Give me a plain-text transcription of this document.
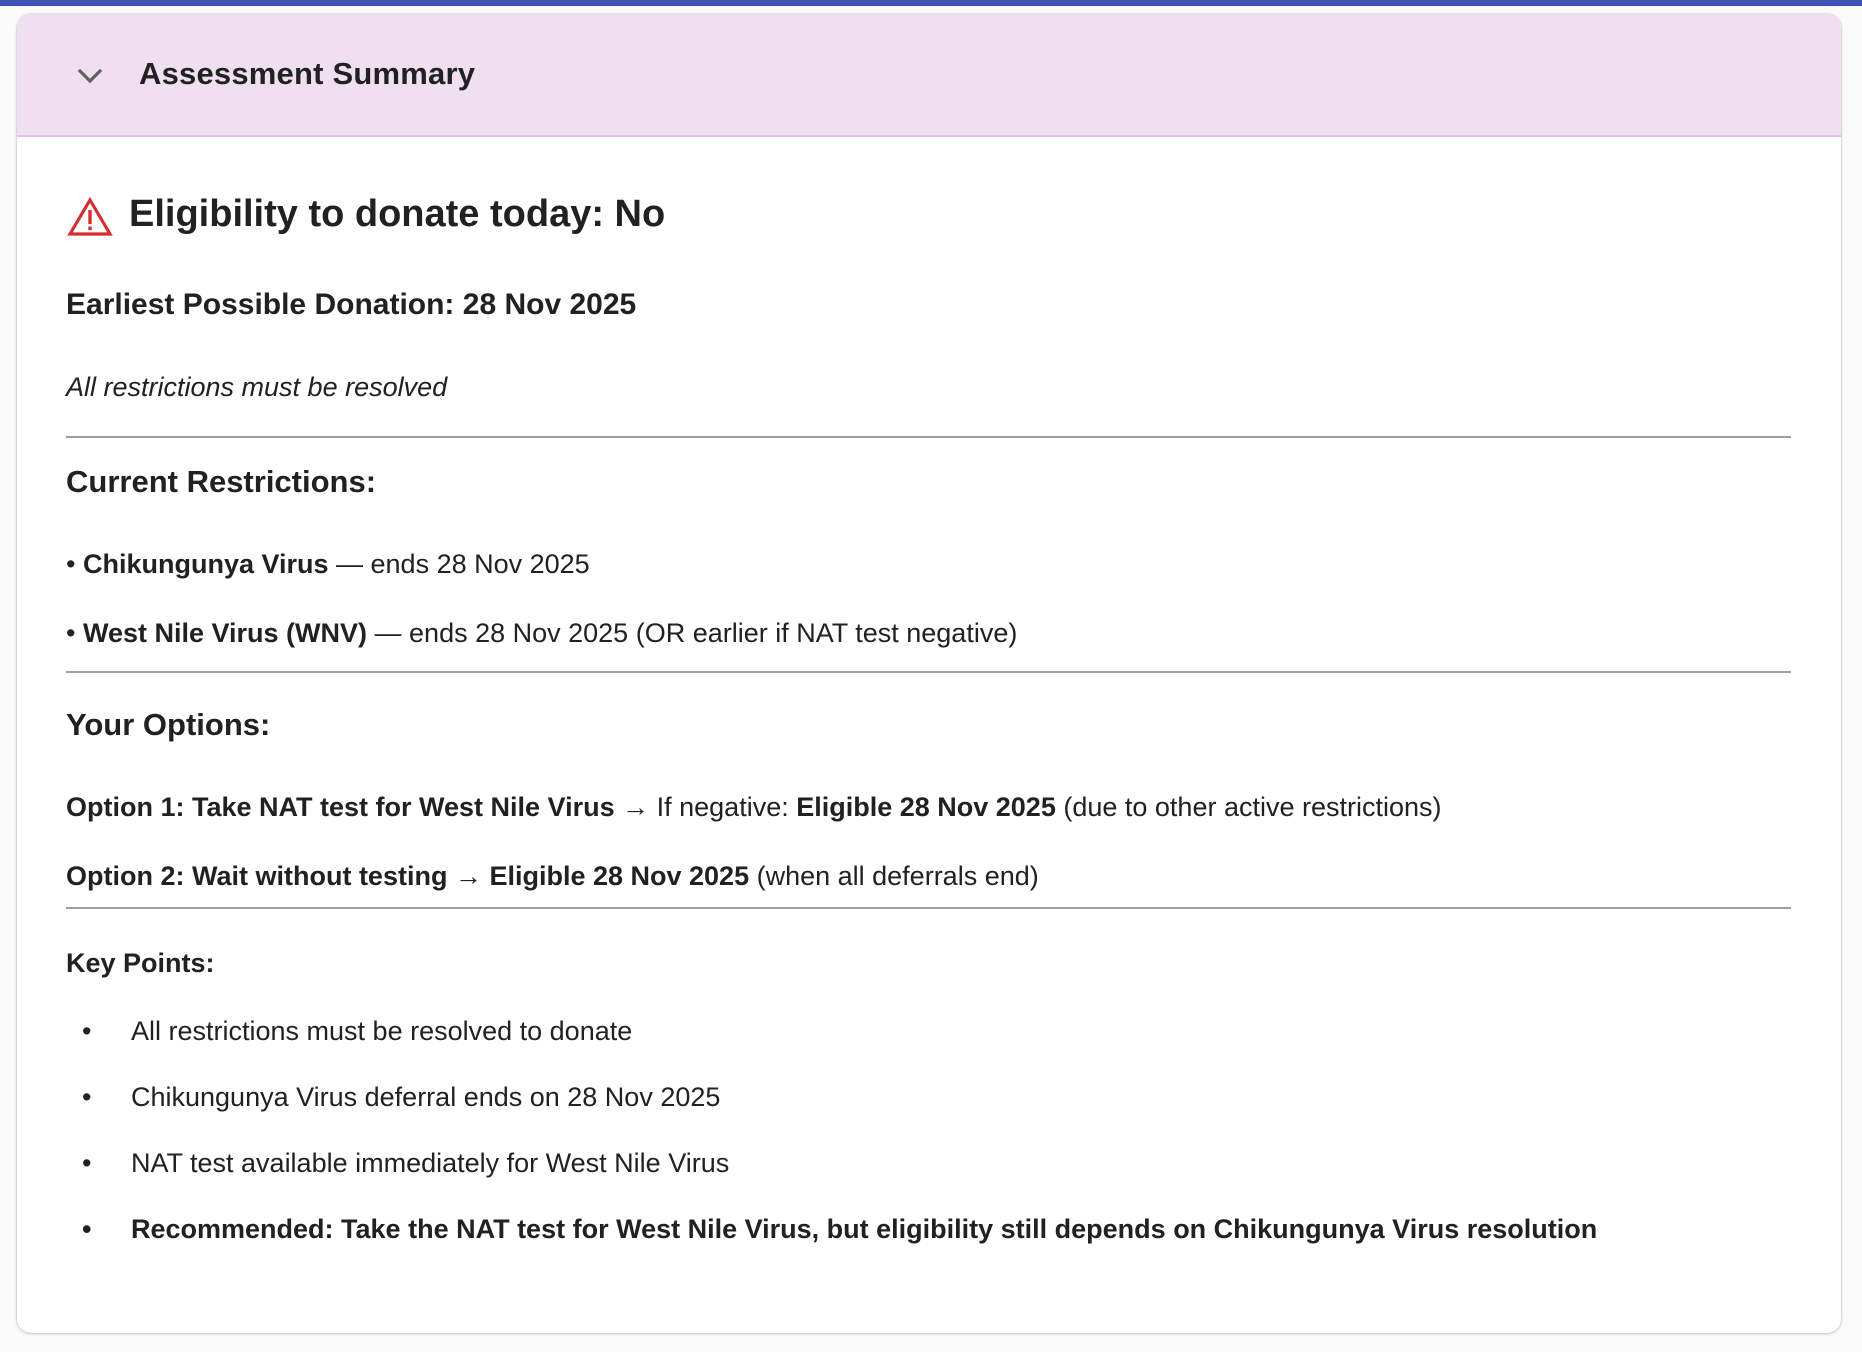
Assessment Summary
Eligibility to donate today: No
Earliest Possible Donation: 28 Nov 2025
All restrictions must be resolved
Current Restrictions:
• Chikungunya Virus — ends 28 Nov 2025
• West Nile Virus (WNV) — ends 28 Nov 2025 (OR earlier if NAT test negative)
Your Options:
Option 1: Take NAT test for West Nile Virus → If negative: Eligible 28 Nov 2025 (due to other active restrictions)
Option 2: Wait without testing → Eligible 28 Nov 2025 (when all deferrals end)
Key Points:
• All restrictions must be resolved to donate
• Chikungunya Virus deferral ends on 28 Nov 2025
• NAT test available immediately for West Nile Virus
• Recommended: Take the NAT test for West Nile Virus, but eligibility still depends on Chikungunya Virus resolution
